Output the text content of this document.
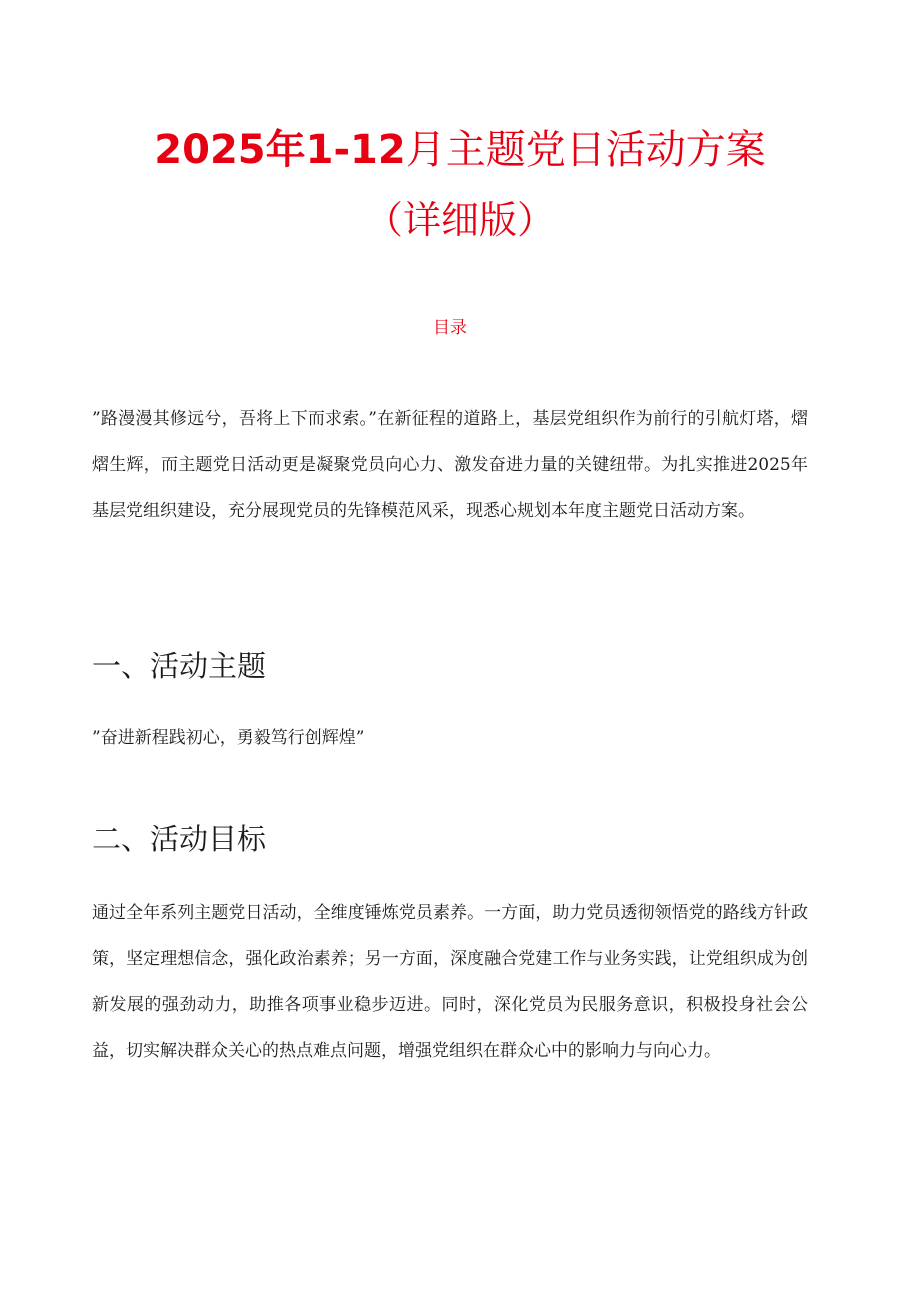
2025年1-12月主题党日活动方案
（详细版）
目录

”路漫漫其修远兮，吾将上下而求索。”在新征程的道路上，基层党组织作为前行的引航灯塔，熠熠生辉，而主题党日活动更是凝聚党员向心力、激发奋进力量的关键纽带。为扎实推进2025年基层党组织建设，充分展现党员的先锋模范风采，现悉心规划本年度主题党日活动方案。

一、活动主题
”奋进新程践初心，勇毅笃行创辉煌”
二、活动目标

通过全年系列主题党日活动，全维度锤炼党员素养。一方面，助力党员透彻领悟党的路线方针政策，坚定理想信念，强化政治素养；另一方面，深度融合党建工作与业务实践，让党组织成为创新发展的强劲动力，助推各项事业稳步迈进。同时，深化党员为民服务意识，积极投身社会公益，切实解决群众关心的热点难点问题，增强党组织在群众心中的影响力与向心力。
